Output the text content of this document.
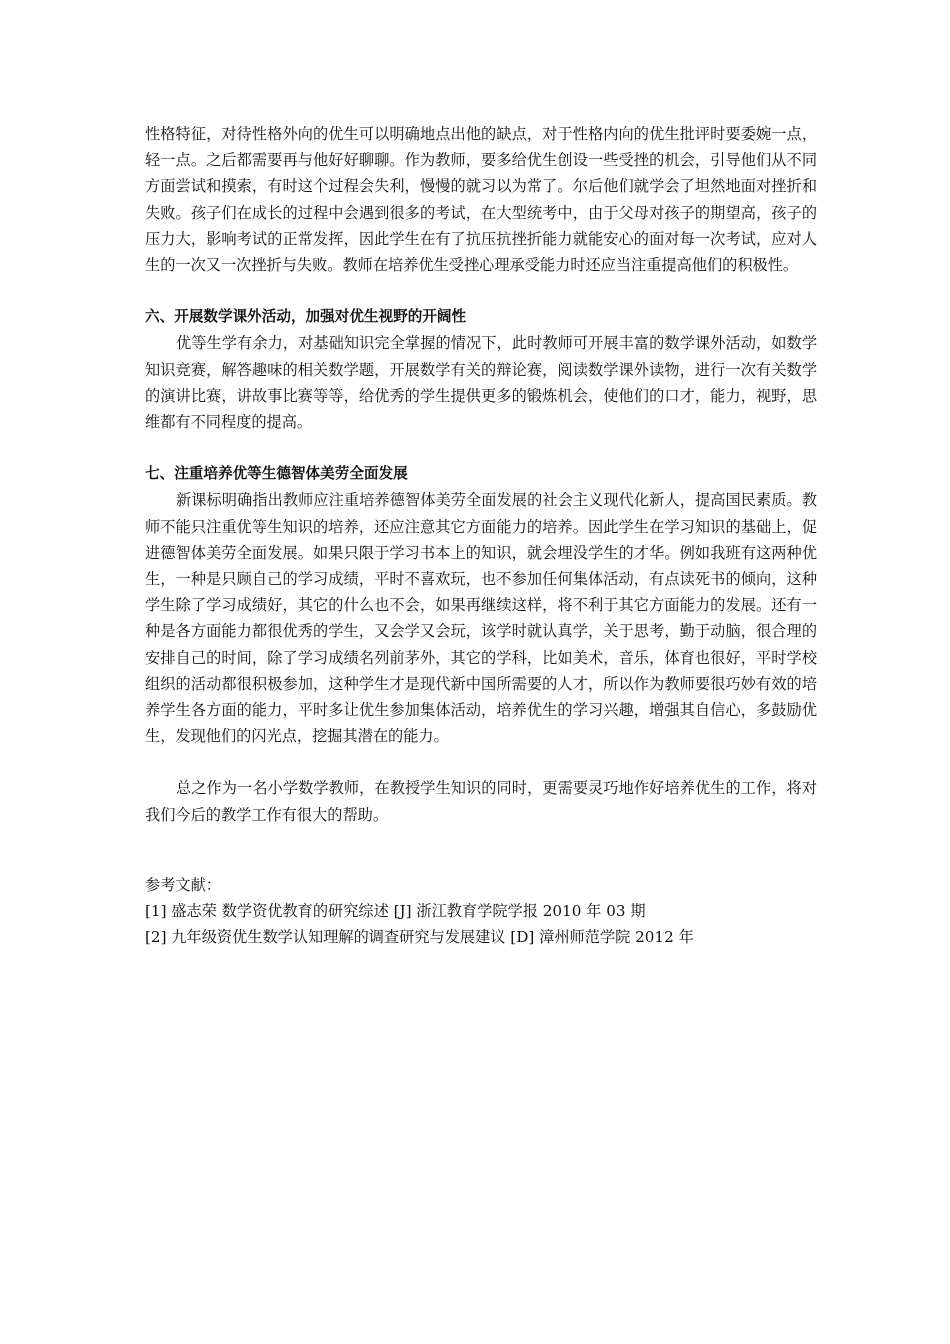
性格特征，对待性格外向的优生可以明确地点出他的缺点，对于性格内向的优生批评时要委婉一点，轻一点。之后都需要再与他好好聊聊。作为教师，要多给优生创设一些受挫的机会，引导他们从不同方面尝试和摸索，有时这个过程会失利，慢慢的就习以为常了。尔后他们就学会了坦然地面对挫折和失败。孩子们在成长的过程中会遇到很多的考试，在大型统考中，由于父母对孩子的期望高，孩子的压力大，影响考试的正常发挥，因此学生在有了抗压抗挫折能力就能安心的面对每一次考试，应对人生的一次又一次挫折与失败。教师在培养优生受挫心理承受能力时还应当注重提高他们的积极性。

六、开展数学课外活动，加强对优生视野的开阔性

优等生学有余力，对基础知识完全掌握的情况下，此时教师可开展丰富的数学课外活动，如数学知识竞赛，解答趣味的相关数学题，开展数学有关的辩论赛，阅读数学课外读物，进行一次有关数学的演讲比赛，讲故事比赛等等，给优秀的学生提供更多的锻炼机会，使他们的口才，能力，视野，思维都有不同程度的提高。

七、注重培养优等生德智体美劳全面发展

新课标明确指出教师应注重培养德智体美劳全面发展的社会主义现代化新人，提高国民素质。教师不能只注重优等生知识的培养，还应注意其它方面能力的培养。因此学生在学习知识的基础上，促进德智体美劳全面发展。如果只限于学习书本上的知识，就会埋没学生的才华。例如我班有这两种优生，一种是只顾自己的学习成绩，平时不喜欢玩，也不参加任何集体活动，有点读死书的倾向，这种学生除了学习成绩好，其它的什么也不会，如果再继续这样，将不利于其它方面能力的发展。还有一种是各方面能力都很优秀的学生，又会学又会玩，该学时就认真学，关于思考，勤于动脑，很合理的安排自己的时间，除了学习成绩名列前茅外，其它的学科，比如美术，音乐，体育也很好，平时学校组织的活动都很积极参加，这种学生才是现代新中国所需要的人才，所以作为教师要很巧妙有效的培养学生各方面的能力，平时多让优生参加集体活动，培养优生的学习兴趣，增强其自信心，多鼓励优生，发现他们的闪光点，挖掘其潜在的能力。

总之作为一名小学数学教师，在教授学生知识的同时，更需要灵巧地作好培养优生的工作，将对我们今后的教学工作有很大的帮助。

参考文献：

[1] 盛志荣 数学资优教育的研究综述 [J] 浙江教育学院学报 2010 年 03 期

[2] 九年级资优生数学认知理解的调查研究与发展建议 [D] 漳州师范学院 2012 年
